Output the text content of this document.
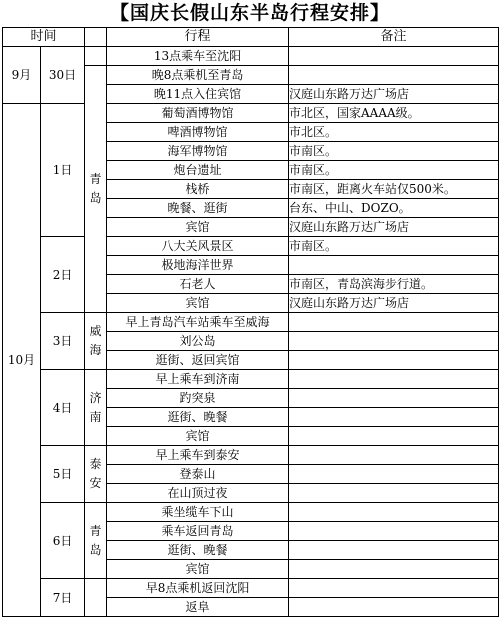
【国庆长假山东半岛行程安排】
时间			行程	备注
9月	30日		13点乘车至沈阳	
		青岛	晚8点乘机至青岛	
			晚11点入住宾馆	汉庭山东路万达广场店
10月	1日		葡萄酒博物馆	市北区，国家AAAA级。
			啤酒博物馆	市北区。
			海军博物馆	市南区。
			炮台遗址	市南区。
			栈桥	市南区，距离火车站仅500米。
			晚餐、逛街	台东、中山、DOZO。
			宾馆	汉庭山东路万达广场店
	2日		八大关风景区	市南区。
			极地海洋世界	
			石老人	市南区，青岛滨海步行道。
			宾馆	汉庭山东路万达广场店
	3日	威海	早上青岛汽车站乘车至威海	
			刘公岛	
			逛街、返回宾馆	
	4日	济南	早上乘车到济南	
			趵突泉	
			逛街、晚餐	
			宾馆	
	5日	泰安	早上乘车到泰安	
			登泰山	
			在山顶过夜	
	6日	青岛	乘坐缆车下山	
			乘车返回青岛	
			逛街、晚餐	
			宾馆	
	7日		早8点乘机返回沈阳	
			返阜	
